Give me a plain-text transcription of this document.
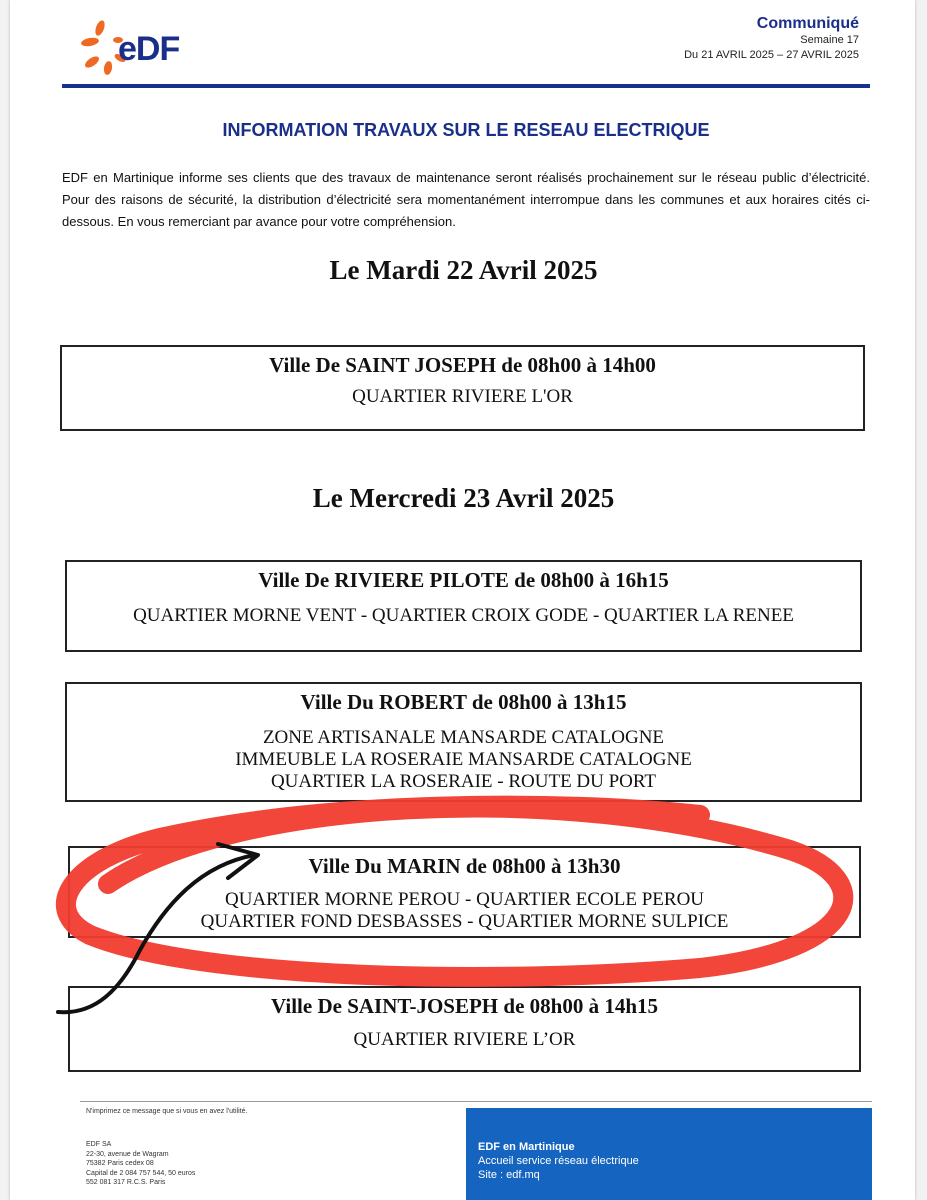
eDF
Communiqué
Semaine 17
Du 21 AVRIL 2025 – 27 AVRIL 2025
INFORMATION TRAVAUX SUR LE RESEAU ELECTRIQUE
EDF en Martinique informe ses clients que des travaux de maintenance seront réalisés prochainement sur le réseau public d’électricité. Pour des raisons de sécurité, la distribution d’électricité sera momentanément interrompue dans les communes et aux horaires cités ci-dessous. En vous remerciant par avance pour votre compréhension.
Le Mardi 22 Avril 2025
Ville De SAINT JOSEPH de 08h00 à 14h00
QUARTIER RIVIERE L'OR
Le Mercredi 23 Avril 2025
Ville De RIVIERE PILOTE de 08h00 à 16h15
QUARTIER MORNE VENT - QUARTIER CROIX GODE - QUARTIER LA RENEE
Ville Du ROBERT de 08h00 à 13h15
ZONE ARTISANALE MANSARDE CATALOGNE
IMMEUBLE LA ROSERAIE MANSARDE CATALOGNE
QUARTIER LA ROSERAIE - ROUTE DU PORT
Ville Du MARIN de 08h00 à 13h30
QUARTIER MORNE PEROU - QUARTIER ECOLE PEROU
QUARTIER FOND DESBASSES - QUARTIER MORNE SULPICE
Ville De SAINT-JOSEPH de 08h00 à 14h15
QUARTIER RIVIERE L’OR
N'imprimez ce message que si vous en avez l'utilité.
EDF SA
22-30, avenue de Wagram
75382 Paris cedex 08
Capital de 2 084 757 544, 50 euros
552 081 317 R.C.S. Paris
EDF en Martinique
Accueil service réseau électrique
Site : edf.mq
